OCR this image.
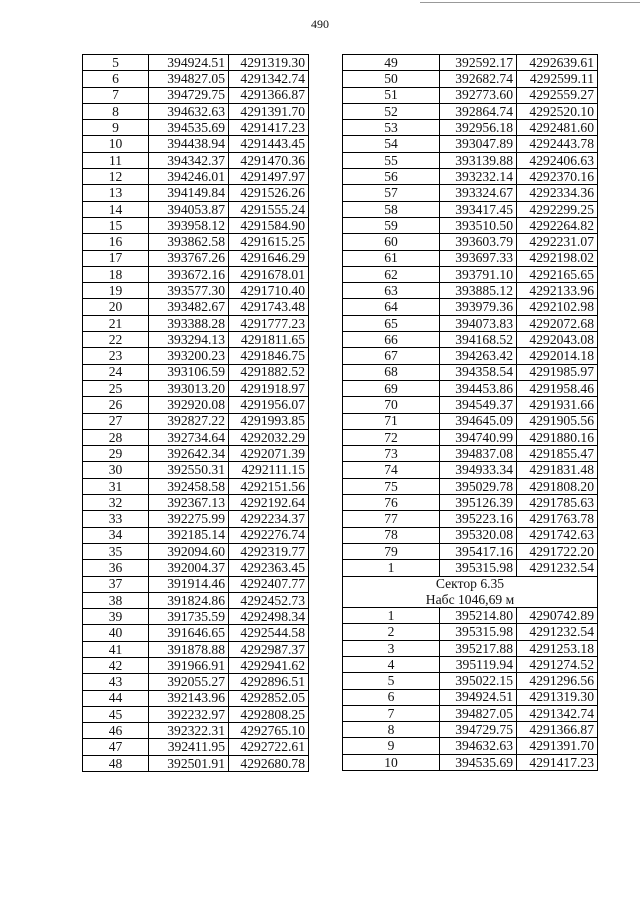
490
5	394924.51	4291319.30
6	394827.05	4291342.74
7	394729.75	4291366.87
8	394632.63	4291391.70
9	394535.69	4291417.23
10	394438.94	4291443.45
11	394342.37	4291470.36
12	394246.01	4291497.97
13	394149.84	4291526.26
14	394053.87	4291555.24
15	393958.12	4291584.90
16	393862.58	4291615.25
17	393767.26	4291646.29
18	393672.16	4291678.01
19	393577.30	4291710.40
20	393482.67	4291743.48
21	393388.28	4291777.23
22	393294.13	4291811.65
23	393200.23	4291846.75
24	393106.59	4291882.52
25	393013.20	4291918.97
26	392920.08	4291956.07
27	392827.22	4291993.85
28	392734.64	4292032.29
29	392642.34	4292071.39
30	392550.31	4292111.15
31	392458.58	4292151.56
32	392367.13	4292192.64
33	392275.99	4292234.37
34	392185.14	4292276.74
35	392094.60	4292319.77
36	392004.37	4292363.45
37	391914.46	4292407.77
38	391824.86	4292452.73
39	391735.59	4292498.34
40	391646.65	4292544.58
41	391878.88	4292987.37
42	391966.91	4292941.62
43	392055.27	4292896.51
44	392143.96	4292852.05
45	392232.97	4292808.25
46	392322.31	4292765.10
47	392411.95	4292722.61
48	392501.91	4292680.78
49	392592.17	4292639.61
50	392682.74	4292599.11
51	392773.60	4292559.27
52	392864.74	4292520.10
53	392956.18	4292481.60
54	393047.89	4292443.78
55	393139.88	4292406.63
56	393232.14	4292370.16
57	393324.67	4292334.36
58	393417.45	4292299.25
59	393510.50	4292264.82
60	393603.79	4292231.07
61	393697.33	4292198.02
62	393791.10	4292165.65
63	393885.12	4292133.96
64	393979.36	4292102.98
65	394073.83	4292072.68
66	394168.52	4292043.08
67	394263.42	4292014.18
68	394358.54	4291985.97
69	394453.86	4291958.46
70	394549.37	4291931.66
71	394645.09	4291905.56
72	394740.99	4291880.16
73	394837.08	4291855.47
74	394933.34	4291831.48
75	395029.78	4291808.20
76	395126.39	4291785.63
77	395223.16	4291763.78
78	395320.08	4291742.63
79	395417.16	4291722.20
1	395315.98	4291232.54
Сектор 6.35		
Набс 1046,69 м		
1	395214.80	4290742.89
2	395315.98	4291232.54
3	395217.88	4291253.18
4	395119.94	4291274.52
5	395022.15	4291296.56
6	394924.51	4291319.30
7	394827.05	4291342.74
8	394729.75	4291366.87
9	394632.63	4291391.70
10	394535.69	4291417.23
